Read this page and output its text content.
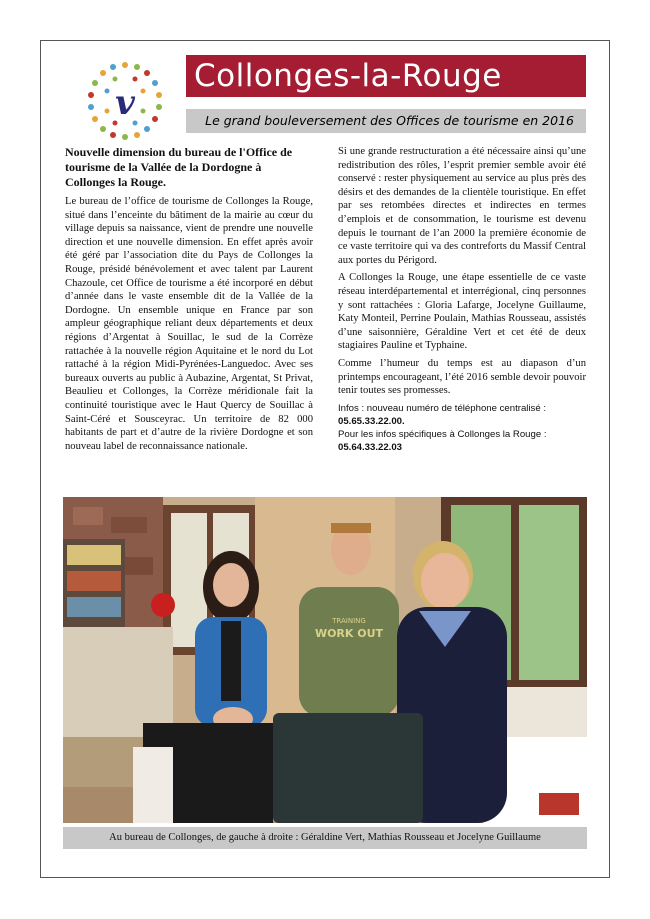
v
Collonges-la-Rouge
Le grand bouleversement des Offices de tourisme en 2016
Nouvelle dimension du bureau de l'Office de tourisme de la Vallée de la Dordogne à Collonges la Rouge.

Le bureau de l’office de tourisme de Collonges la Rouge, situé dans l’enceinte du bâtiment de la mairie au cœur du village depuis sa naissance, vient de prendre une nouvelle direction et une nouvelle dimension. En effet après avoir été géré par l’association dite du Pays de Collonges la Rouge, présidé bénévolement et avec talent par Laurent Chazoule, cet Office de tourisme a été incorporé en début d’année dans le vaste ensemble dit de la Vallée de la Dordogne. Un ensemble unique en France par son ampleur géographique reliant deux départements et deux régions d’Argentat à Souillac, le sud de la Corrèze rattachée à la nouvelle région Aquitaine et le nord du Lot rattaché à la région Midi-Pyrénées-Languedoc. Avec ses bureaux ouverts au public à Aubazine, Argentat, St Privat, Beaulieu et Collonges, la Corrèze méridionale fait la continuité touristique avec le Haut Quercy de Souillac à Saint-Céré et Sousceyrac. Un territoire de 82 000 habitants de part et d’autre de la rivière Dordogne et son nouveau label de reconnaissance nationale.

Si une grande restructuration a été nécessaire ainsi qu’une redistribution des rôles, l’esprit premier semble avoir été conservé : rester physiquement au service au plus près des désirs et des demandes de la clientèle touristique. En effet par ses retombées directes et indirectes en termes d’emplois et de consommation, le tourisme est devenu depuis le tournant de l’an 2000 la première économie de ce vaste territoire qui va des contreforts du Massif Central aux portes du Périgord.

A Collonges la Rouge, une étape essentielle de ce vaste réseau interdépartemental et interrégional, cinq personnes y sont rattachées : Gloria Lafarge, Jocelyne Guillaume, Katy Monteil, Perrine Poulain, Mathias Rousseau, assistés d’une saisonnière, Géraldine Vert et cet été de deux stagiaires Pauline et Typhaine.

Comme l’humeur du temps est au diapason d’un printemps encourageant, l’été 2016 semble devoir pouvoir tenir toutes ses promesses.

Infos : nouveau numéro de téléphone centralisé :
05.65.33.22.00.
Pour les infos spécifiques à Collonges la Rouge :
05.64.33.22.03
TRAINING
WORK OUT
Au bureau de Collonges, de gauche à droite : Géraldine Vert, Mathias Rousseau et Jocelyne Guillaume
